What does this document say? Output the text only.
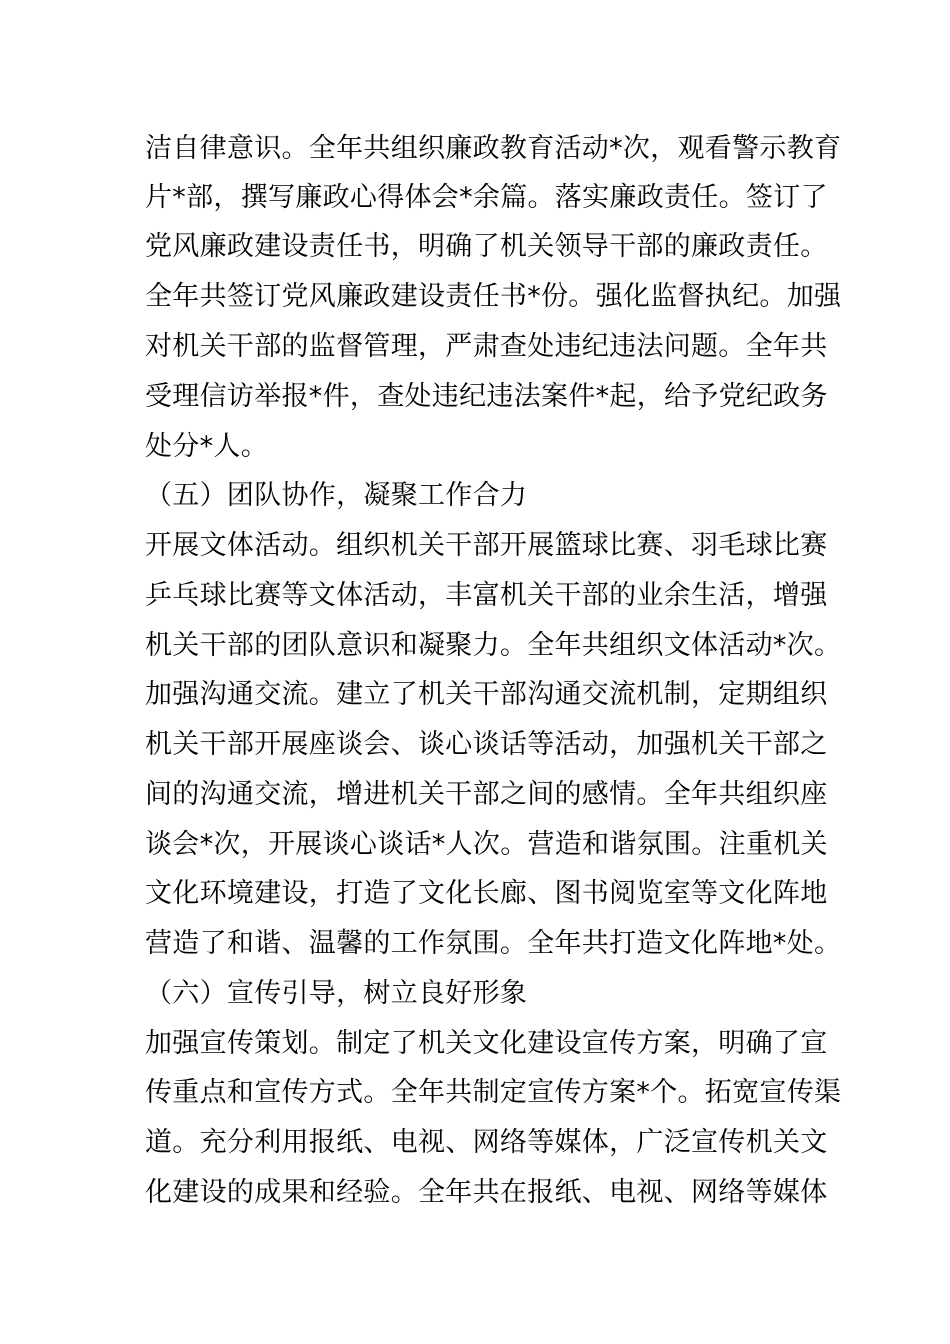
洁自律意识。全年共组织廉政教育活动*次，观看警示教育
片*部，撰写廉政心得体会*余篇。落实廉政责任。签订了
党风廉政建设责任书，明确了机关领导干部的廉政责任。
全年共签订党风廉政建设责任书*份。强化监督执纪。加强
对机关干部的监督管理，严肃查处违纪违法问题。全年共
受理信访举报*件，查处违纪违法案件*起，给予党纪政务
处分*人。
（五）团队协作，凝聚工作合力
开展文体活动。组织机关干部开展篮球比赛、羽毛球比赛
乒乓球比赛等文体活动，丰富机关干部的业余生活，增强
机关干部的团队意识和凝聚力。全年共组织文体活动*次。
加强沟通交流。建立了机关干部沟通交流机制，定期组织
机关干部开展座谈会、谈心谈话等活动，加强机关干部之
间的沟通交流，增进机关干部之间的感情。全年共组织座
谈会*次，开展谈心谈话*人次。营造和谐氛围。注重机关
文化环境建设，打造了文化长廊、图书阅览室等文化阵地
营造了和谐、温馨的工作氛围。全年共打造文化阵地*处。
（六）宣传引导，树立良好形象
加强宣传策划。制定了机关文化建设宣传方案，明确了宣
传重点和宣传方式。全年共制定宣传方案*个。拓宽宣传渠
道。充分利用报纸、电视、网络等媒体，广泛宣传机关文
化建设的成果和经验。全年共在报纸、电视、网络等媒体
